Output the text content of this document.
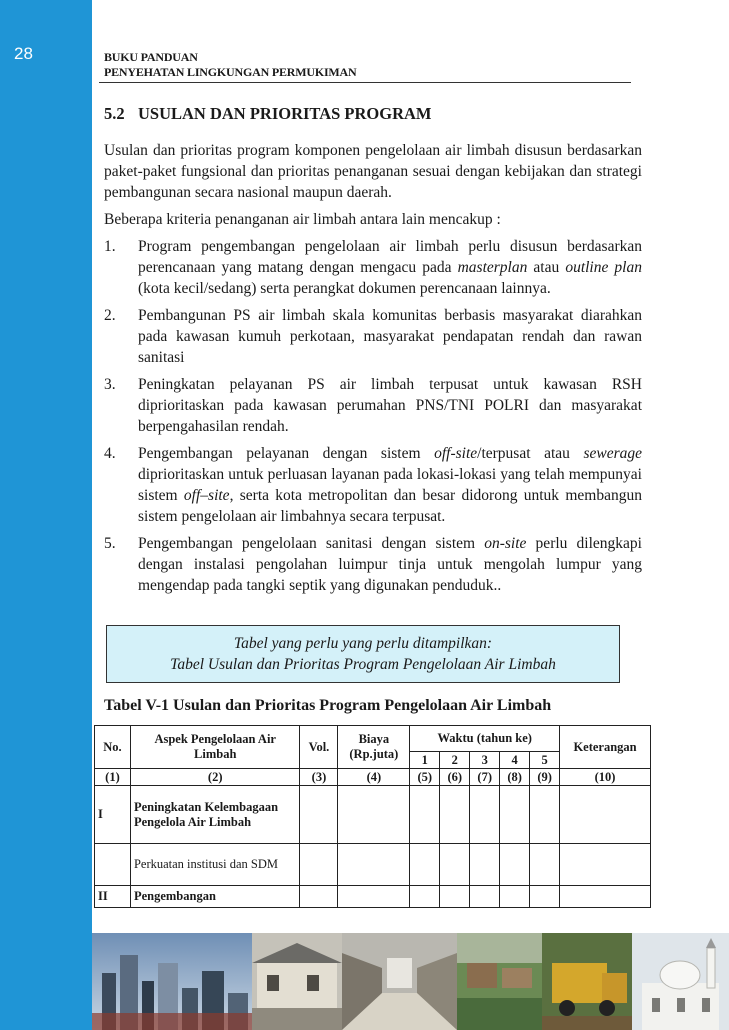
28	BUKU PANDUAN
PENYEHATAN LINGKUNGAN PERMUKIMAN
5.2 USULAN DAN PRIORITAS PROGRAM

Usulan dan prioritas program komponen pengelolaan air limbah disusun berdasarkan paket-paket fungsional dan prioritas penanganan sesuai dengan kebijakan dan strategi pembangunan secara nasional maupun daerah.

Beberapa kriteria penanganan air limbah antara lain mencakup :

1. Program pengembangan pengelolaan air limbah perlu disusun berdasarkan perencanaan yang matang dengan mengacu pada masterplan atau outline plan (kota kecil/sedang) serta perangkat dokumen perencanaan lainnya.
2. Pembangunan PS air limbah skala komunitas berbasis masyarakat diarahkan pada kawasan kumuh perkotaan, masyarakat pendapatan rendah dan rawan sanitasi
3. Peningkatan pelayanan PS air limbah terpusat untuk kawasan RSH diprioritaskan pada kawasan perumahan PNS/TNI POLRI dan masyarakat berpengahasilan rendah.
4. Pengembangan pelayanan dengan sistem off-site/terpusat atau sewerage diprioritaskan untuk perluasan layanan pada lokasi-lokasi yang telah mempunyai sistem off–site, serta kota metropolitan dan besar didorong untuk membangun sistem pengelolaan air limbahnya secara terpusat.
5. Pengembangan pengelolaan sanitasi dengan sistem on-site perlu dilengkapi dengan instalasi pengolahan luimpur tinja untuk mengolah lumpur yang mengendap pada tangki septik yang digunakan penduduk..
Tabel yang perlu yang perlu ditampilkan:
Tabel Usulan dan Prioritas Program Pengelolaan Air Limbah
Tabel V-1 Usulan dan Prioritas Program Pengelolaan Air Limbah
No.	Aspek Pengelolaan Air Limbah	Vol.	Biaya (Rp.juta)	Waktu (tahun ke)					Keterangan
				1	2	3	4	5	
(1)	(2)	(3)	(4)	(5)	(6)	(7)	(8)	(9)	(10)
I	Peningkatan Kelembagaan Pengelola Air Limbah								
	Perkuatan institusi dan SDM								
II	Pengembangan								
